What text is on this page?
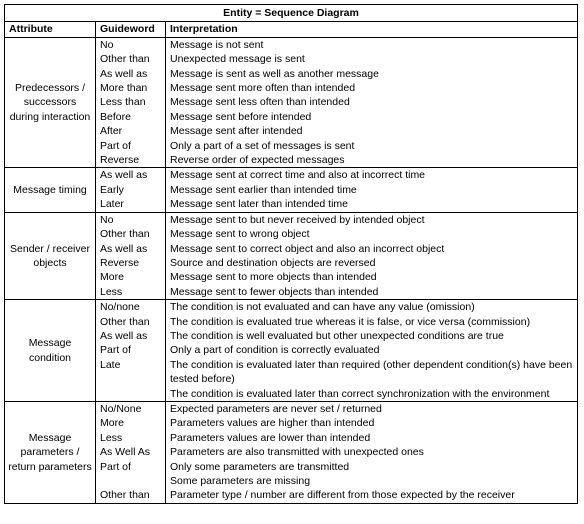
Entity = Sequence Diagram		
Attribute	Guideword	Interpretation
Predecessors / successors during interaction	No	Message is not sent
	Other than	Unexpected message is sent
	As well as	Message is sent as well as another message
	More than	Message sent more often than intended
	Less than	Message sent less often than intended
	Before	Message sent before intended
	After	Message sent after intended
	Part of	Only a part of a set of messages is sent
	Reverse	Reverse order of expected messages
Message timing	As well as	Message sent at correct time and also at incorrect time
	Early	Message sent earlier than intended time
	Later	Message sent later than intended time
Sender / receiver objects	No	Message sent to but never received by intended object
	Other than	Message sent to wrong object
	As well as	Message sent to correct object and also an incorrect object
	Reverse	Source and destination objects are reversed
	More	Message sent to more objects than intended
	Less	Message sent to fewer objects than intended
Message condition	No/none	The condition is not evaluated and can have any value (omission)
	Other than	The condition is evaluated true whereas it is false, or vice versa (commission)
	As well as	The condition is well evaluated but other unexpected conditions are true
	Part of	Only a part of condition is correctly evaluated
	Late	The condition is evaluated later than required (other dependent condition(s) have been tested before)
		The condition is evaluated later than correct synchronization with the environment
Message parameters / return parameters	No/None	Expected parameters are never set / returned
	More	Parameters values are higher than intended
	Less	Parameters values are lower than intended
	As Well As	Parameters are also transmitted with unexpected ones
	Part of	Only some parameters are transmitted
		Some parameters are missing
	Other than	Parameter type / number are different from those expected by the receiver
